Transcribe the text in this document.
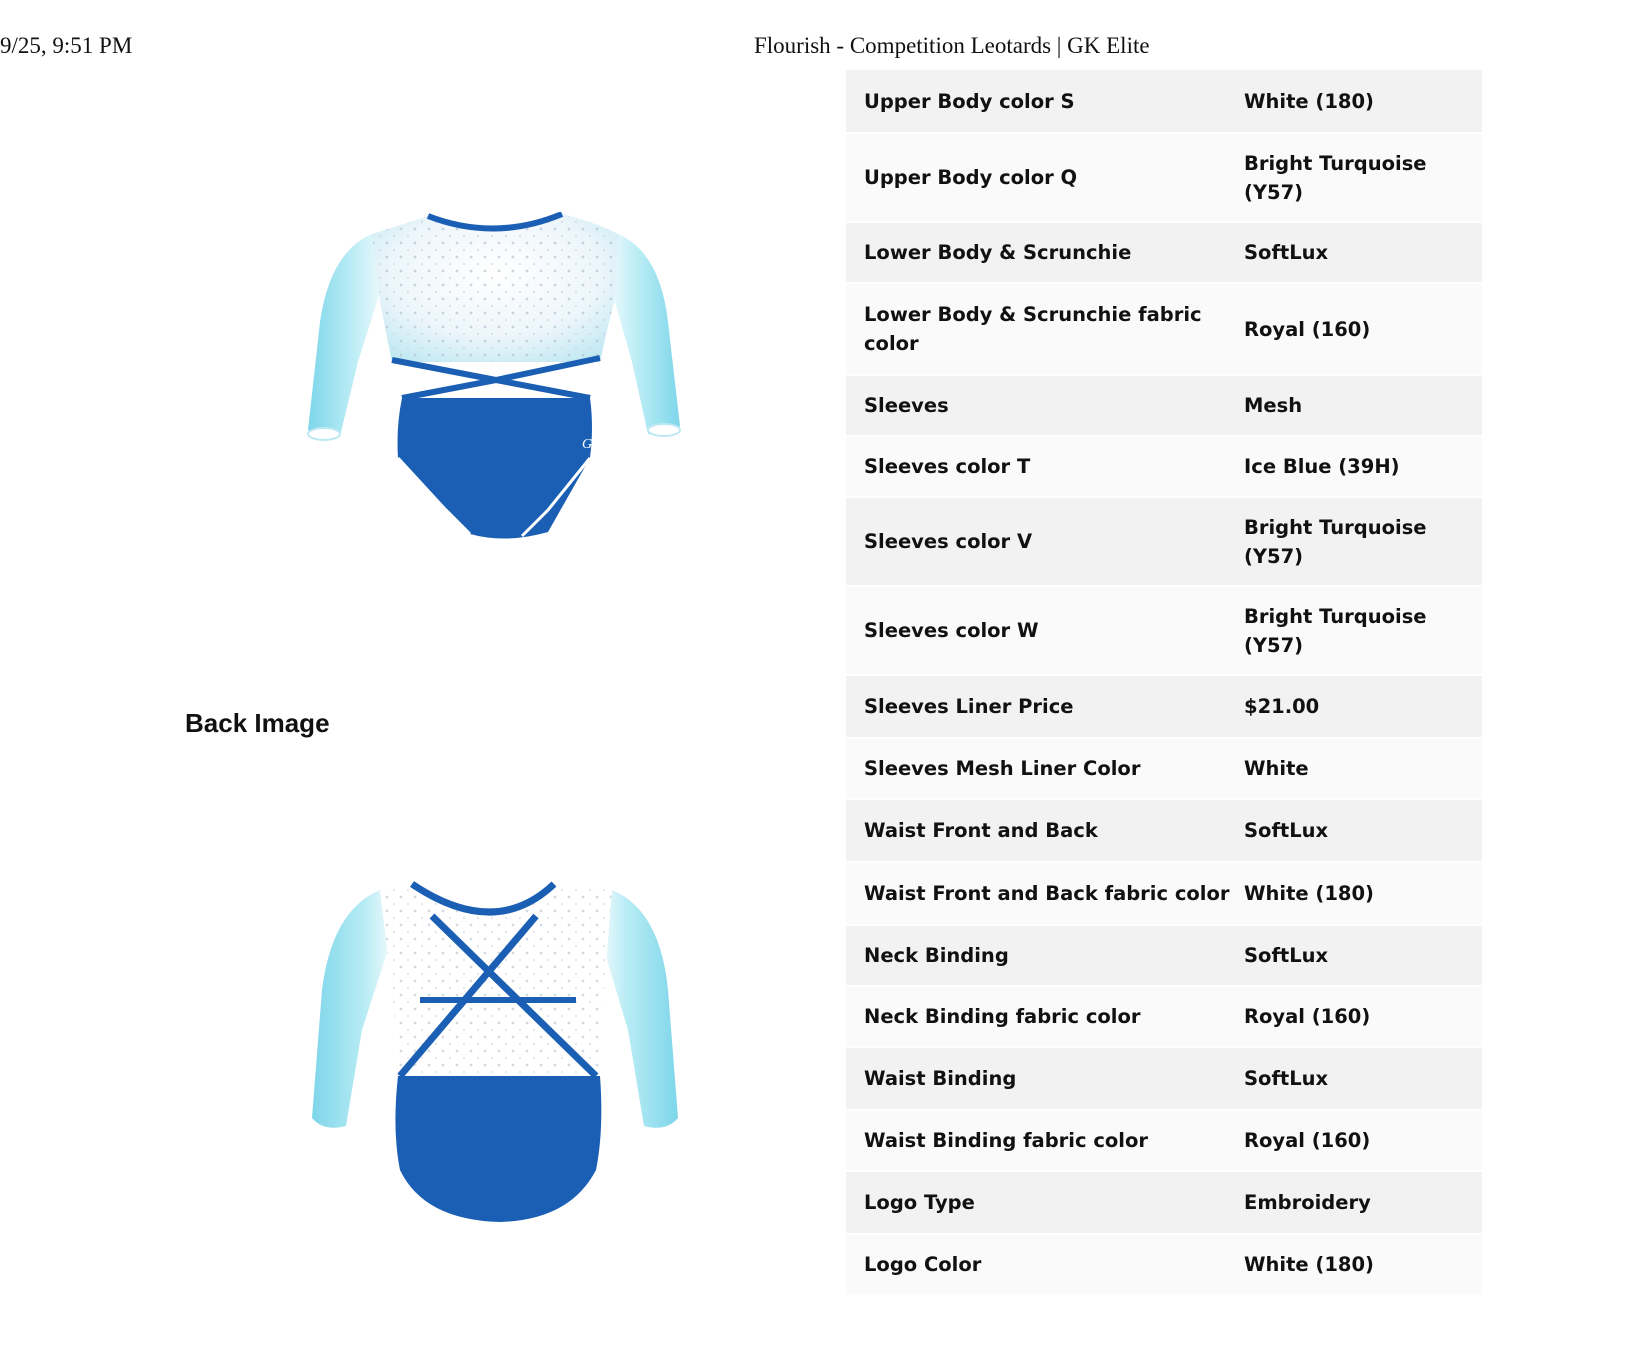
9/25, 9:51 PM	Flourish - Competition Leotards | GK Elite
G
Back Image
Upper Body color S	White (180)
Upper Body color Q	Bright Turquoise (Y57)
Lower Body & Scrunchie	SoftLux
Lower Body & Scrunchie fabric color	Royal (160)
Sleeves	Mesh
Sleeves color T	Ice Blue (39H)
Sleeves color V	Bright Turquoise (Y57)
Sleeves color W	Bright Turquoise (Y57)
Sleeves Liner Price	$21.00
Sleeves Mesh Liner Color	White
Waist Front and Back	SoftLux
Waist Front and Back fabric color	White (180)
Neck Binding	SoftLux
Neck Binding fabric color	Royal (160)
Waist Binding	SoftLux
Waist Binding fabric color	Royal (160)
Logo Type	Embroidery
Logo Color	White (180)
